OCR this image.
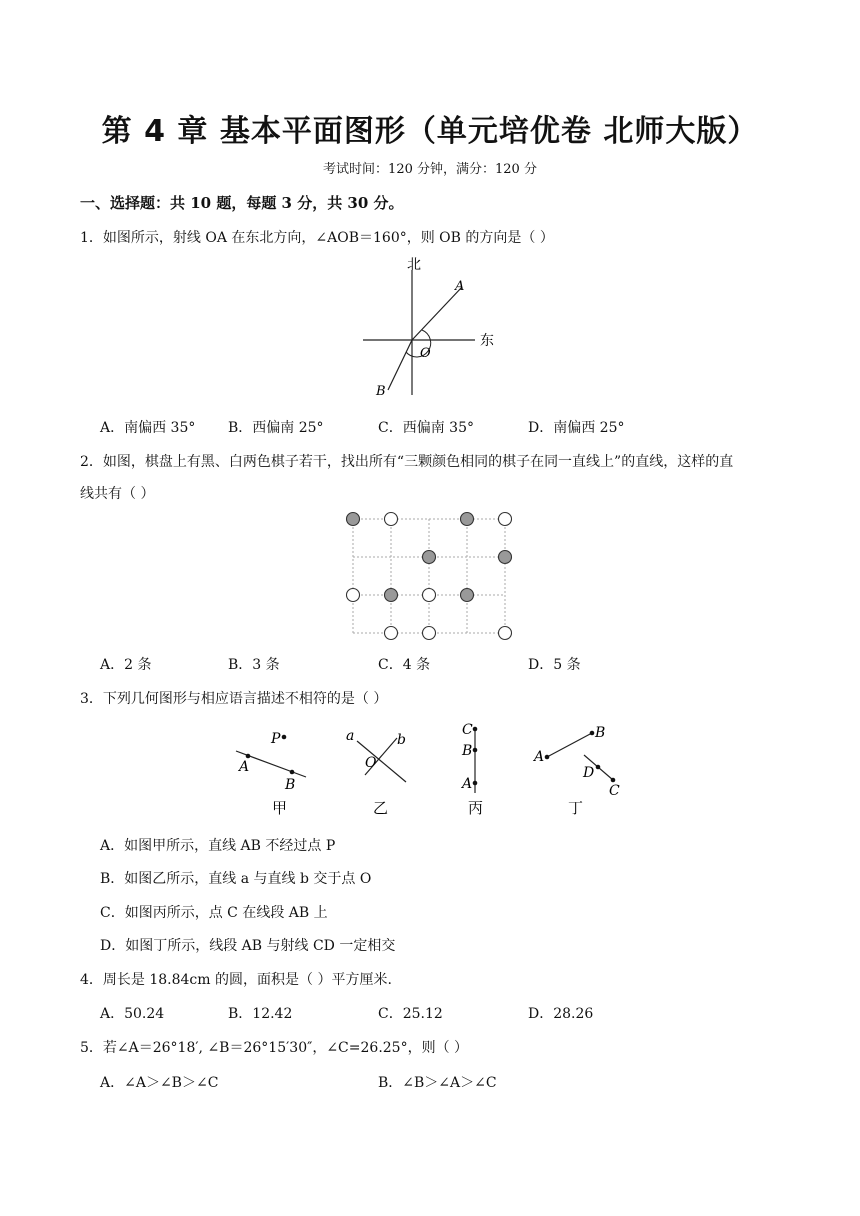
第 4 章 基本平面图形（单元培优卷 北师大版）
考试时间：120 分钟，满分：120 分
一、选择题：共 10 题，每题 3 分，共 30 分。
1．如图所示，射线 OA 在东北方向，∠AOB＝160°，则 OB 的方向是（ ）
北
东
A
B
O
A．南偏西 35° B．西偏南 25°	C．西偏南 35°	D．南偏西 25°
2．如图，棋盘上有黑、白两色棋子若干，找出所有“三颗颜色相同的棋子在同一直线上”的直线，这样的直
线共有（ ）
A．2 条	B．3 条	C．4 条	D．5 条
3．下列几何图形与相应语言描述不相符的是（ ）
P
A
B
甲
a	b
O
乙
C
B
A
丙
A
B
D
C
丁
A．如图甲所示，直线 AB 不经过点 P
B．如图乙所示，直线 a 与直线 b 交于点 O
C．如图丙所示，点 C 在线段 AB 上
D．如图丁所示，线段 AB 与射线 CD 一定相交
4．周长是 18.84cm 的圆，面积是（ ）平方厘米.
A．50.24	B．12.42	C．25.12	D．28.26
5．若∠A＝26°18′, ∠B＝26°15′30″，∠C=26.25°，则（ ）
A．∠A＞∠B＞∠C	B．∠B＞∠A＞∠C
